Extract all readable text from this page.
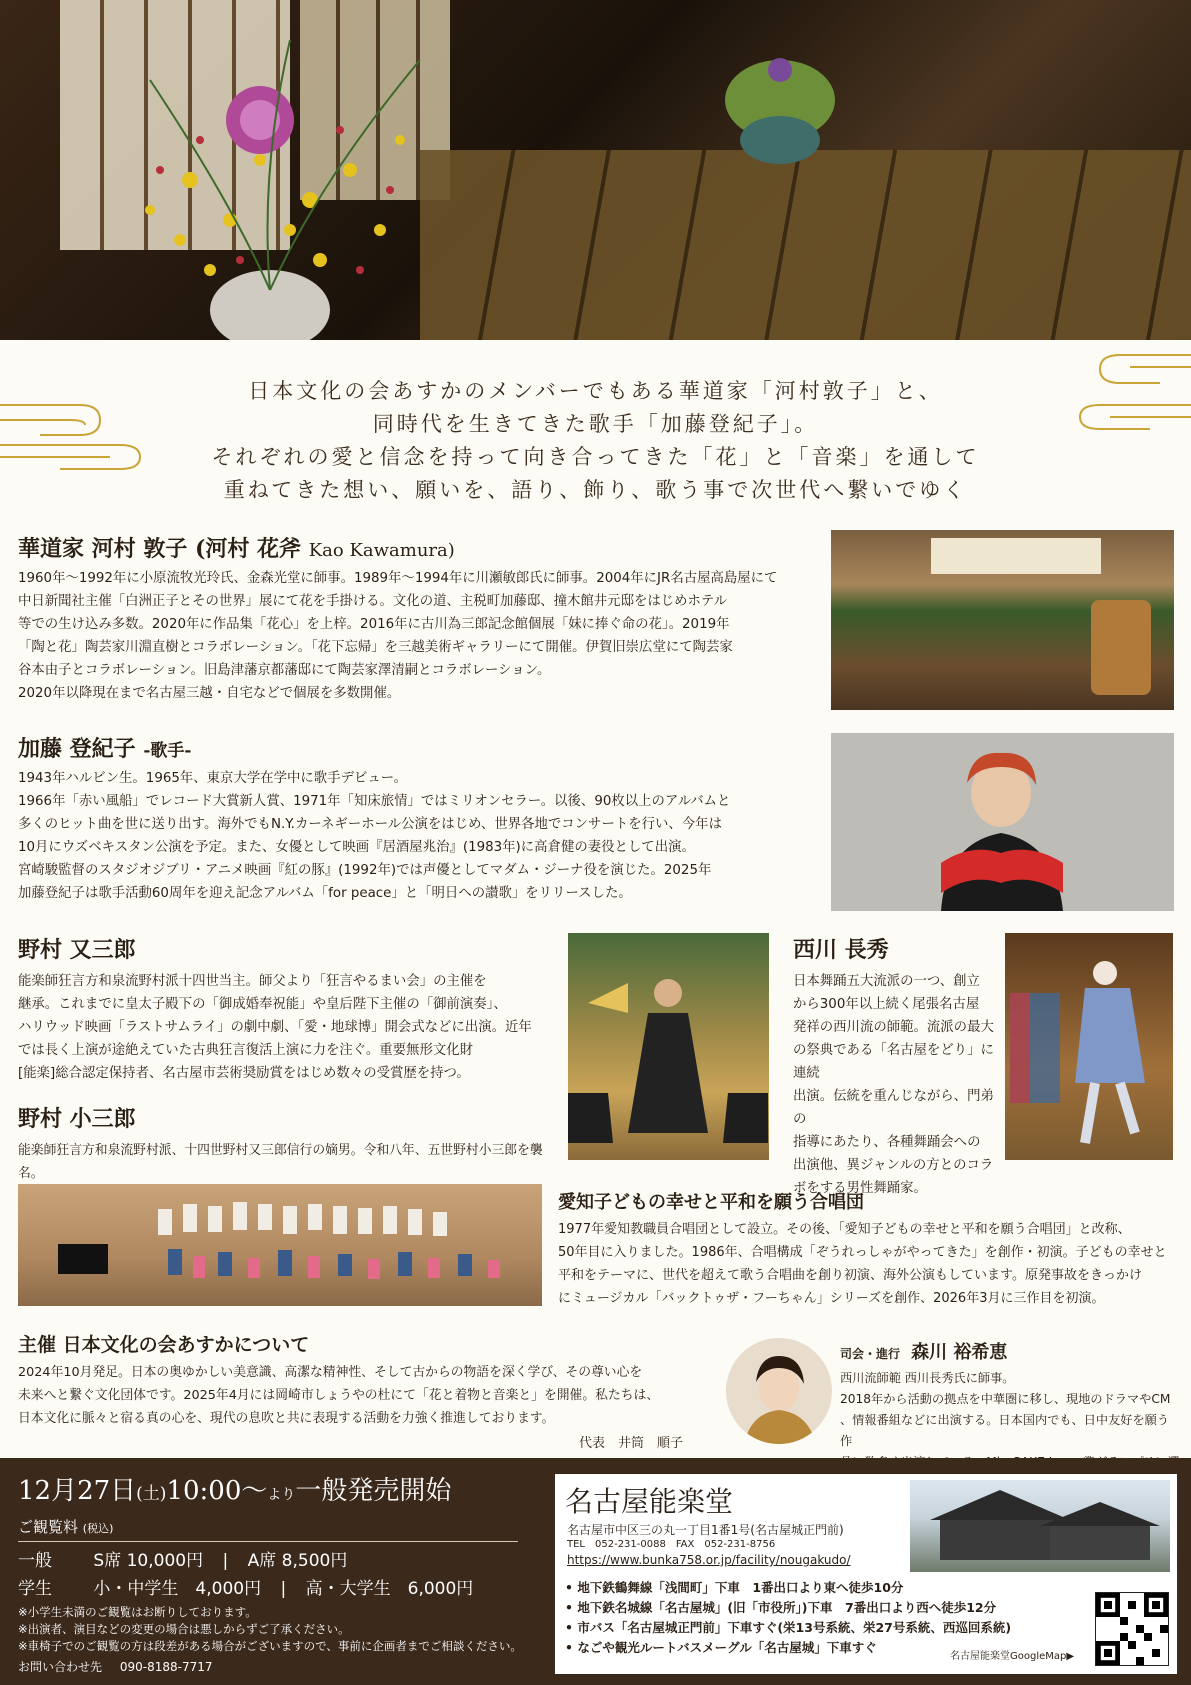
日本文化の会あすかのメンバーでもある華道家「河村敦子」と、

同時代を生きてきた歌手「加藤登紀子」。

それぞれの愛と信念を持って向き合ってきた「花」と「音楽」を通して

重ねてきた想い、願いを、語り、飾り、歌う事で次世代へ繋いでゆく

華道家 河村 敦子 (河村 花斧 Kao Kawamura)
1960年〜1992年に小原流牧光玲氏、金森光堂に師事。1989年〜1994年に川瀬敏郎氏に師事。2004年にJR名古屋高島屋にて
中日新聞社主催「白洲正子とその世界」展にて花を手掛ける。文化の道、主税町加藤邸、撞木館井元邸をはじめホテル
等での生け込み多数。2020年に作品集「花心」を上梓。2016年に古川為三郎記念館個展「妹に捧ぐ命の花」。2019年
「陶と花」陶芸家川淵直樹とコラボレーション。「花下忘帰」を三越美術ギャラリーにて開催。伊賀旧崇広堂にて陶芸家
谷本由子とコラボレーション。旧島津藩京都藩邸にて陶芸家澤清嗣とコラボレーション。
2020年以降現在まで名古屋三越・自宅などで個展を多数開催。
加藤 登紀子 -歌手-
1943年ハルビン生。1965年、東京大学在学中に歌手デビュー。
1966年「赤い風船」でレコード大賞新人賞、1971年「知床旅情」ではミリオンセラー。以後、90枚以上のアルバムと
多くのヒット曲を世に送り出す。海外でもN.Y.カーネギーホール公演をはじめ、世界各地でコンサートを行い、今年は
10月にウズベキスタン公演を予定。また、女優として映画『居酒屋兆治』(1983年)に高倉健の妻役として出演。
宮崎駿監督のスタジオジブリ・アニメ映画『紅の豚』(1992年)では声優としてマダム・ジーナ役を演じた。2025年
加藤登紀子は歌手活動60周年を迎え記念アルバム「for peace」と「明日への讃歌」をリリースした。
野村 又三郎
能楽師狂言方和泉流野村派十四世当主。師父より「狂言やるまい会」の主催を
継承。これまでに皇太子殿下の「御成婚奉祝能」や皇后陛下主催の「御前演奏」、
ハリウッド映画「ラストサムライ」の劇中劇、「愛・地球博」開会式などに出演。近年
では長く上演が途絶えていた古典狂言復活上演に力を注ぐ。重要無形文化財
[能楽]総合認定保持者、名古屋市芸術奨励賞をはじめ数々の受賞歴を持つ。
野村 小三郎
能楽師狂言方和泉流野村派、十四世野村又三郎信行の嫡男。令和八年、五世野村小三郎を襲名。
西川 長秀
日本舞踊五大流派の一つ、創立
から300年以上続く尾張名古屋
発祥の西川流の師範。流派の最大
の祭典である「名古屋をどり」に連続
出演。伝統を重んじながら、門弟の
指導にあたり、各種舞踊会への
出演他、異ジャンルの方とのコラ
ボをする男性舞踊家。
愛知子どもの幸せと平和を願う合唱団
1977年愛知教職員合唱団として設立。その後、「愛知子どもの幸せと平和を願う合唱団」と改称、
50年目に入りました。1986年、合唱構成「ぞうれっしゃがやってきた」を創作・初演。子どもの幸せと
平和をテーマに、世代を超えて歌う合唱曲を創り初演、海外公演もしています。原発事故をきっかけ
にミュージカル「バックトゥザ・フーちゃん」シリーズを創作、2026年3月に三作目を初演。
主催 日本文化の会あすかについて
2024年10月発足。日本の奥ゆかしい美意識、高潔な精神性、そして古からの物語を深く学び、その尊い心を
未来へと繋ぐ文化団体です。2025年4月には岡崎市しょうやの杜にて「花と着物と音楽と」を開催。私たちは、
日本文化に脈々と宿る真の心を、現代の息吹と共に表現する活動を力強く推進しております。
代表　井筒　順子
司会・進行 森川 裕希恵
西川流師範 西川長秀氏に師事。
2018年から活動の拠点を中華圏に移し、現地のドラマやCM
、情報番組などに出演する。日本国内でも、日中友好を願う作
12月27日(土)10:00〜より一般発売開始
ご観覧料 (税込)
一般 S席 10,000円 | A席 8,500円
学生 小・中学生　4,000円 | 高・大学生　6,000円
※小学生未満のご観覧はお断りしております。
※出演者、演目などの変更の場合は悪しからずご了承ください。
※車椅子でのご観覧の方は段差がある場合がございますので、事前に企画者までご相談ください。
お問い合わせ先 090-8188-7717
名古屋能楽堂
名古屋市中区三の丸一丁目1番1号(名古屋城正門前)
TEL　052-231-0088　FAX　052-231-8756
https://www.bunka758.or.jp/facility/nougakudo/
• 地下鉄鶴舞線「浅間町」下車　1番出口より東へ徒歩10分
• 地下鉄名城線「名古屋城」(旧「市役所」)下車　7番出口より西へ徒歩12分
• 市バス「名古屋城正門前」下車すぐ(栄13号系統、栄27号系統、西巡回系統)
• なごや観光ルートバスメーグル「名古屋城」下車すぐ
名古屋能楽堂GoogleMap▶
